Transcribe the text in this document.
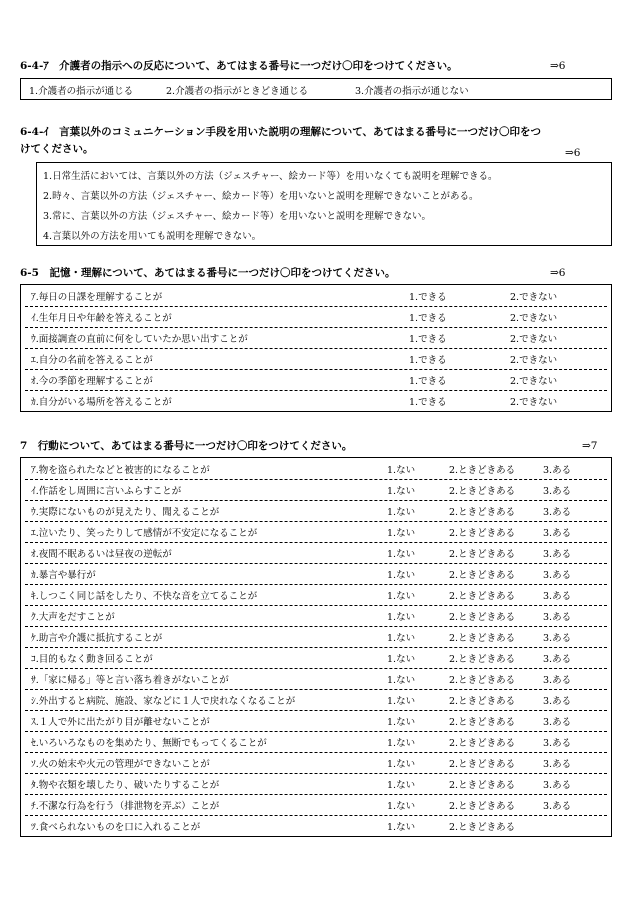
6-4-ｱ　介護者の指示への反応について、あてはまる番号に一つだけ〇印をつけてください。	⇒6
1.介護者の指示が通じる	2.介護者の指示がときどき通じる	3.介護者の指示が通じない
6-4-ｲ　言葉以外のコミュニケーション手段を用いた説明の理解について、あてはまる番号に一つだけ〇印をつ
けてください。	⇒6
1.日常生活においては、言葉以外の方法（ジェスチャー、絵カード等）を用いなくても説明を理解できる。
2.時々、言葉以外の方法（ジェスチャー、絵カード等）を用いないと説明を理解できないことがある。
3.常に、言葉以外の方法（ジェスチャー、絵カード等）を用いないと説明を理解できない。
4.言葉以外の方法を用いても説明を理解できない。
6-5　記憶・理解について、あてはまる番号に一つだけ〇印をつけてください。	⇒6
ｱ.毎日の日課を理解することが	1.できる	2.できない
ｲ.生年月日や年齢を答えることが	1.できる	2.できない
ｳ.面接調査の直前に何をしていたか思い出すことが	1.できる	2.できない
ｴ.自分の名前を答えることが	1.できる	2.できない
ｵ.今の季節を理解することが	1.できる	2.できない
ｶ.自分がいる場所を答えることが	1.できる	2.できない
7　行動について、あてはまる番号に一つだけ〇印をつけてください。	⇒7
ｱ.物を盗られたなどと被害的になることが	1.ない	2.ときどきある	3.ある
ｲ.作話をし周囲に言いふらすことが	1.ない	2.ときどきある	3.ある
ｳ.実際にないものが見えたり、聞えることが	1.ない	2.ときどきある	3.ある
ｴ.泣いたり、笑ったりして感情が不安定になることが	1.ない	2.ときどきある	3.ある
ｵ.夜間不眠あるいは昼夜の逆転が	1.ない	2.ときどきある	3.ある
ｶ.暴言や暴行が	1.ない	2.ときどきある	3.ある
ｷ.しつこく同じ話をしたり、不快な音を立てることが	1.ない	2.ときどきある	3.ある
ｸ.大声をだすことが	1.ない	2.ときどきある	3.ある
ｹ.助言や介護に抵抗することが	1.ない	2.ときどきある	3.ある
ｺ.目的もなく動き回ることが	1.ない	2.ときどきある	3.ある
ｻ.「家に帰る」等と言い落ち着きがないことが	1.ない	2.ときどきある	3.ある
ｼ.外出すると病院、施設、家などに１人で戻れなくなることが	1.ない	2.ときどきある	3.ある
ｽ.１人で外に出たがり目が離せないことが	1.ない	2.ときどきある	3.ある
ｾ.いろいろなものを集めたり、無断でもってくることが	1.ない	2.ときどきある	3.ある
ｿ.火の始末や火元の管理ができないことが	1.ない	2.ときどきある	3.ある
ﾀ.物や衣類を壊したり、破いたりすることが	1.ない	2.ときどきある	3.ある
ﾁ.不潔な行為を行う（排泄物を弄ぶ）ことが	1.ない	2.ときどきある	3.ある
ﾂ.食べられないものを口に入れることが	1.ない	2.ときどきある
